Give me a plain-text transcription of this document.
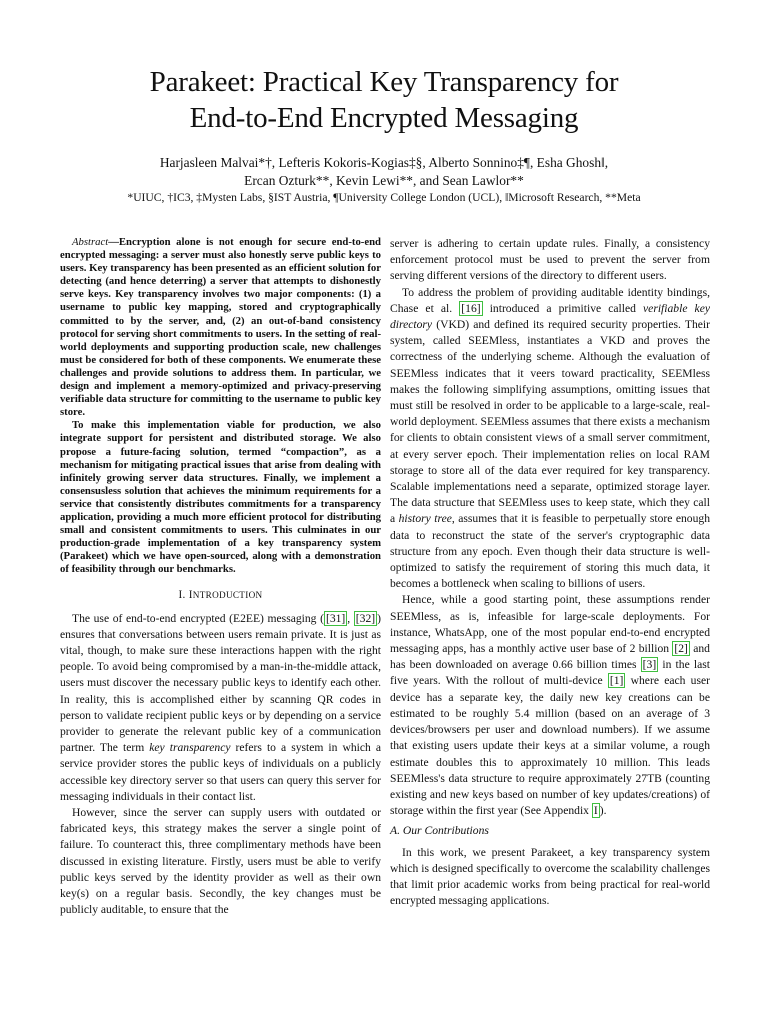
Parakeet: Practical Key Transparency for
End-to-End Encrypted Messaging
Harjasleen Malvai*†, Lefteris Kokoris-Kogias‡§, Alberto Sonnino‡¶, Esha Ghosh‖,
Ercan Ozturk**, Kevin Lewi**, and Sean Lawlor**
*UIUC, †IC3, ‡Mysten Labs, §IST Austria, ¶University College London (UCL), ‖Microsoft Research, **Meta

Abstract—Encryption alone is not enough for secure end-to-end encrypted messaging: a server must also honestly serve public keys to users. Key transparency has been presented as an efficient solution for detecting (and hence deterring) a server that attempts to dishonestly serve keys. Key transparency involves two major components: (1) a username to public key mapping, stored and cryptographically committed to by the server, and, (2) an out-of-band consistency protocol for serving short commitments to users. In the setting of real-world deployments and supporting production scale, new challenges must be considered for both of these components. We enumerate these challenges and provide solutions to address them. In particular, we design and implement a memory-optimized and privacy-preserving verifiable data structure for committing to the username to public key store.

To make this implementation viable for production, we also integrate support for persistent and distributed storage. We also propose a future-facing solution, termed “compaction”, as a mechanism for mitigating practical issues that arise from dealing with infinitely growing server data structures. Finally, we implement a consensusless solution that achieves the minimum requirements for a service that consistently distributes commitments for a transparency application, providing a much more efficient protocol for distributing small and consistent commitments to users. This culminates in our production-grade implementation of a key transparency system (Parakeet) which we have open-sourced, along with a demonstration of feasibility through our benchmarks.

I. INTRODUCTION

The use of end-to-end encrypted (E2EE) messaging ( [31] , [32] ) ensures that conversations between users remain private. It is just as vital, though, to make sure these interactions happen with the right people. To avoid being compromised by a man-in-the-middle attack, users must discover the necessary public keys to identify each other. In reality, this is accomplished either by scanning QR codes in person to validate recipient public keys or by depending on a service provider to generate the relevant public key of a communication partner. The term key transparency refers to a system in which a service provider stores the public keys of individuals on a publicly accessible key directory server so that users can query this server for messaging individuals in their contact list.

However, since the server can supply users with outdated or fabricated keys, this strategy makes the server a single point of failure. To counteract this, three complimentary methods have been discussed in existing literature. Firstly, users must be able to verify public keys served by the identity provider as well as their own key(s) on a regular basis. Secondly, the key changes must be publicly auditable, to ensure that the

server is adhering to certain update rules. Finally, a consistency enforcement protocol must be used to prevent the server from serving different versions of the directory to different users.

To address the problem of providing auditable identity bindings, Chase et al. [16] introduced a primitive called verifiable key directory (VKD) and defined its required security properties. Their system, called SEEMless, instantiates a VKD and proves the correctness of the underlying scheme. Although the evaluation of SEEMless indicates that it veers toward practicality, SEEMless makes the following simplifying assumptions, omitting issues that must still be resolved in order to be applicable to a large-scale, real-world deployment. SEEMless assumes that there exists a mechanism for clients to obtain consistent views of a small server commitment, at every server epoch. Their implementation relies on local RAM storage to store all of the data ever required for key transparency. Scalable implementations need a separate, optimized storage layer. The data structure that SEEMless uses to keep state, which they call a history tree, assumes that it is feasible to perpetually store enough data to reconstruct the state of the server's cryptographic data structure from any epoch. Even though their data structure is well-optimized to satisfy the requirement of storing this much data, it becomes a bottleneck when scaling to billions of users.

Hence, while a good starting point, these assumptions render SEEMless, as is, infeasible for large-scale deployments. For instance, WhatsApp, one of the most popular end-to-end encrypted messaging apps, has a monthly active user base of 2 billion [2] and has been downloaded on average 0.66 billion times [3] in the last five years. With the rollout of multi-device [1] where each user device has a separate key, the daily new key creations can be estimated to be roughly 5.4 million (based on an average of 3 devices/browsers per user and download numbers). If we assume that existing users update their keys at a similar volume, a rough estimate doubles this to approximately 10 million. This leads SEEMless's data structure to require approximately 27TB (counting existing and new keys based on number of key updates/creations) of storage within the first year (See Appendix I ).

A. Our Contributions

In this work, we present Parakeet, a key transparency system which is designed specifically to overcome the scalability challenges that limit prior academic works from being practical for real-world encrypted messaging applications.
